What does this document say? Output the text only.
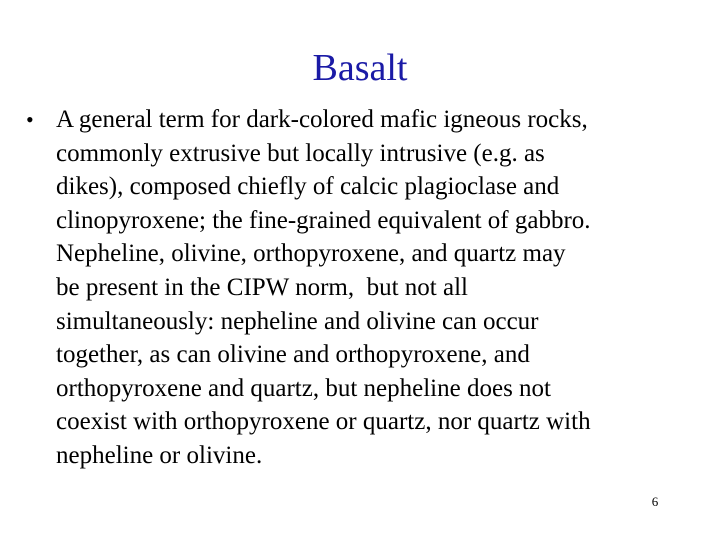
Basalt
• A general term for dark-colored mafic igneous rocks,
commonly extrusive but locally intrusive (e.g. as
dikes), composed chiefly of calcic plagioclase and
clinopyroxene; the fine-grained equivalent of gabbro.
Nepheline, olivine, orthopyroxene, and quartz may
be present in the CIPW norm,  but not all
simultaneously: nepheline and olivine can occur
together, as can olivine and orthopyroxene, and
orthopyroxene and quartz, but nepheline does not
coexist with orthopyroxene or quartz, nor quartz with
nepheline or olivine.

6
